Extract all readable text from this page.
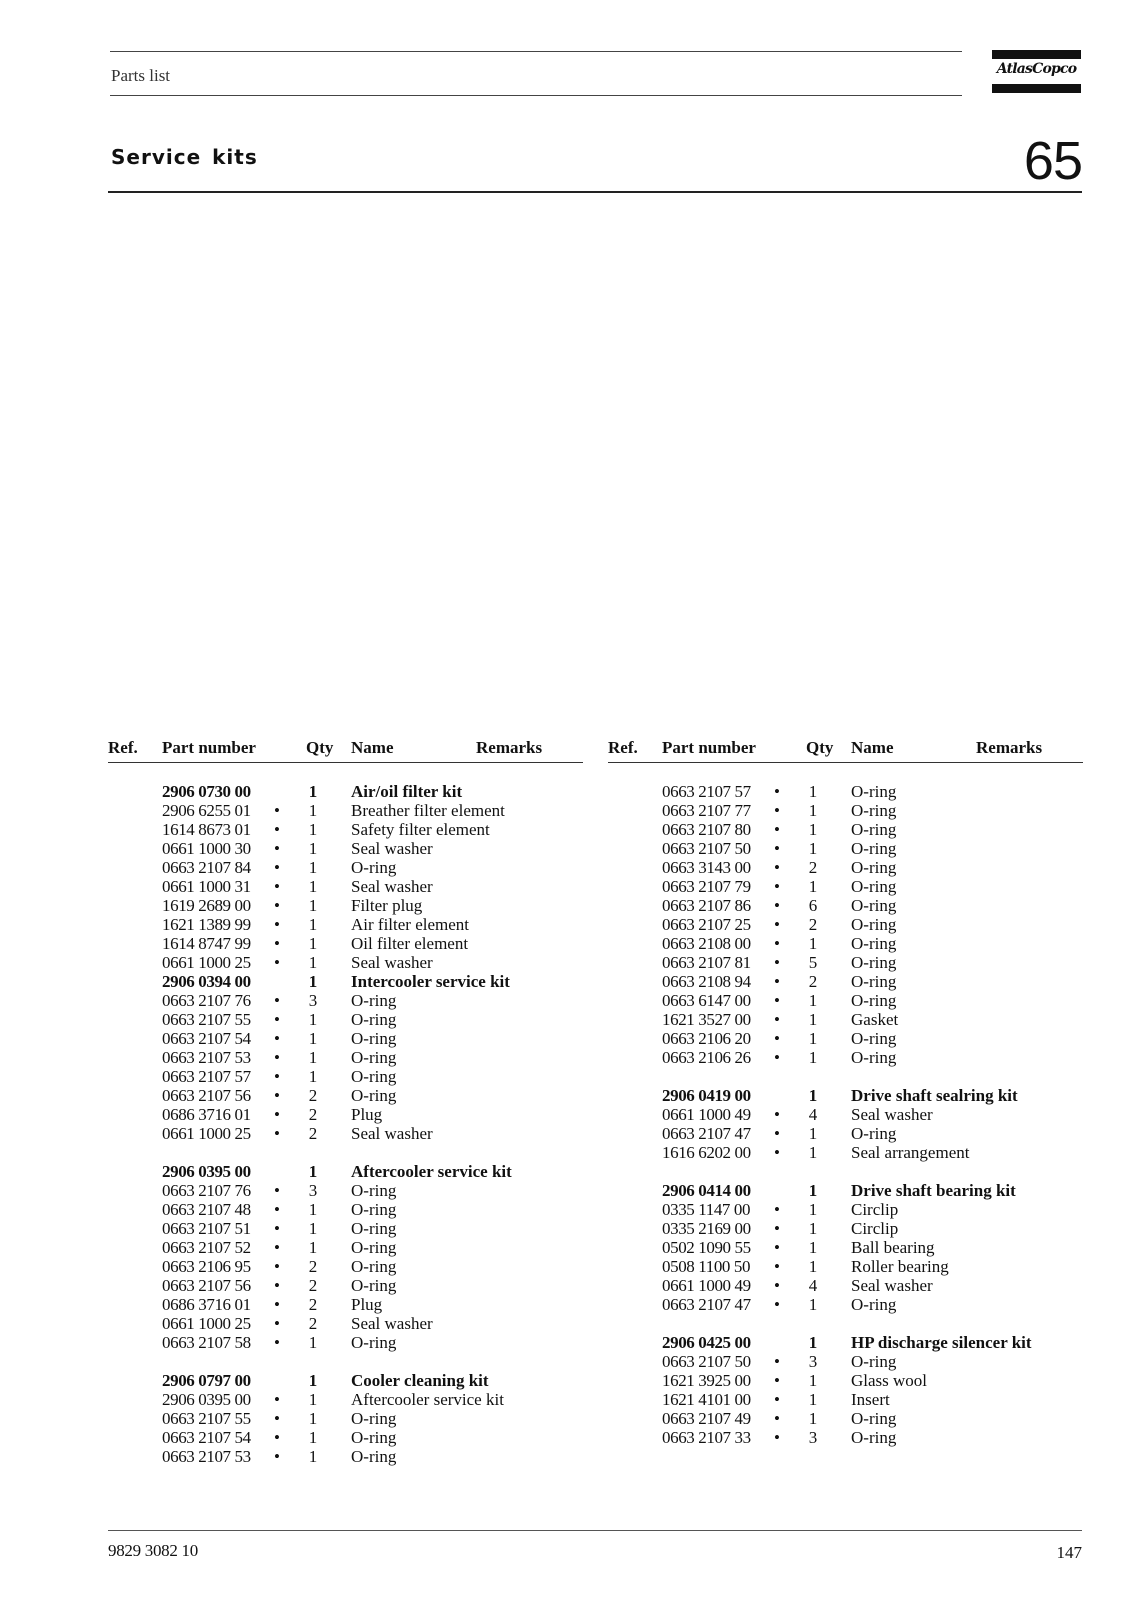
Parts list	AtlasCopco
Service kits	65
Ref. Part number	Qty Name	Remarks
2906 0730 00	1 Air/oil filter kit
2906 6255 01 • 1 Breather filter element
1614 8673 01 • 1 Safety filter element
0661 1000 30 • 1 Seal washer
0663 2107 84 • 1 O-ring
0661 1000 31 • 1 Seal washer
1619 2689 00 • 1 Filter plug
1621 1389 99 • 1 Air filter element
1614 8747 99 • 1 Oil filter element
0661 1000 25 • 1 Seal washer
2906 0394 00	1 Intercooler service kit
0663 2107 76 • 3 O-ring
0663 2107 55 • 1 O-ring
0663 2107 54 • 1 O-ring
0663 2107 53 • 1 O-ring
0663 2107 57 • 1 O-ring
0663 2107 56 • 2 O-ring
0686 3716 01 • 2 Plug
0661 1000 25 • 2 Seal washer
2906 0395 00	1 Aftercooler service kit
0663 2107 76 • 3 O-ring
0663 2107 48 • 1 O-ring
0663 2107 51 • 1 O-ring
0663 2107 52 • 1 O-ring
0663 2106 95 • 2 O-ring
0663 2107 56 • 2 O-ring
0686 3716 01 • 2 Plug
0661 1000 25 • 2 Seal washer
0663 2107 58 • 1 O-ring
2906 0797 00	1 Cooler cleaning kit
2906 0395 00 • 1 Aftercooler service kit
0663 2107 55 • 1 O-ring
0663 2107 54 • 1 O-ring
0663 2107 53 • 1 O-ring
Ref. Part number	Qty Name	Remarks
0663 2107 57 • 1 O-ring
0663 2107 77 • 1 O-ring
0663 2107 80 • 1 O-ring
0663 2107 50 • 1 O-ring
0663 3143 00 • 2 O-ring
0663 2107 79 • 1 O-ring
0663 2107 86 • 6 O-ring
0663 2107 25 • 2 O-ring
0663 2108 00 • 1 O-ring
0663 2107 81 • 5 O-ring
0663 2108 94 • 2 O-ring
0663 6147 00 • 1 O-ring
1621 3527 00 • 1 Gasket
0663 2106 20 • 1 O-ring
0663 2106 26 • 1 O-ring
2906 0419 00	1 Drive shaft sealring kit
0661 1000 49 • 4 Seal washer
0663 2107 47 • 1 O-ring
1616 6202 00 • 1 Seal arrangement
2906 0414 00	1 Drive shaft bearing kit
0335 1147 00 • 1 Circlip
0335 2169 00 • 1 Circlip
0502 1090 55 • 1 Ball bearing
0508 1100 50 • 1 Roller bearing
0661 1000 49 • 4 Seal washer
0663 2107 47 • 1 O-ring
2906 0425 00	1 HP discharge silencer kit
0663 2107 50 • 3 O-ring
1621 3925 00 • 1 Glass wool
1621 4101 00 • 1 Insert
0663 2107 49 • 1 O-ring
0663 2107 33 • 3 O-ring
9829 3082 10	147
